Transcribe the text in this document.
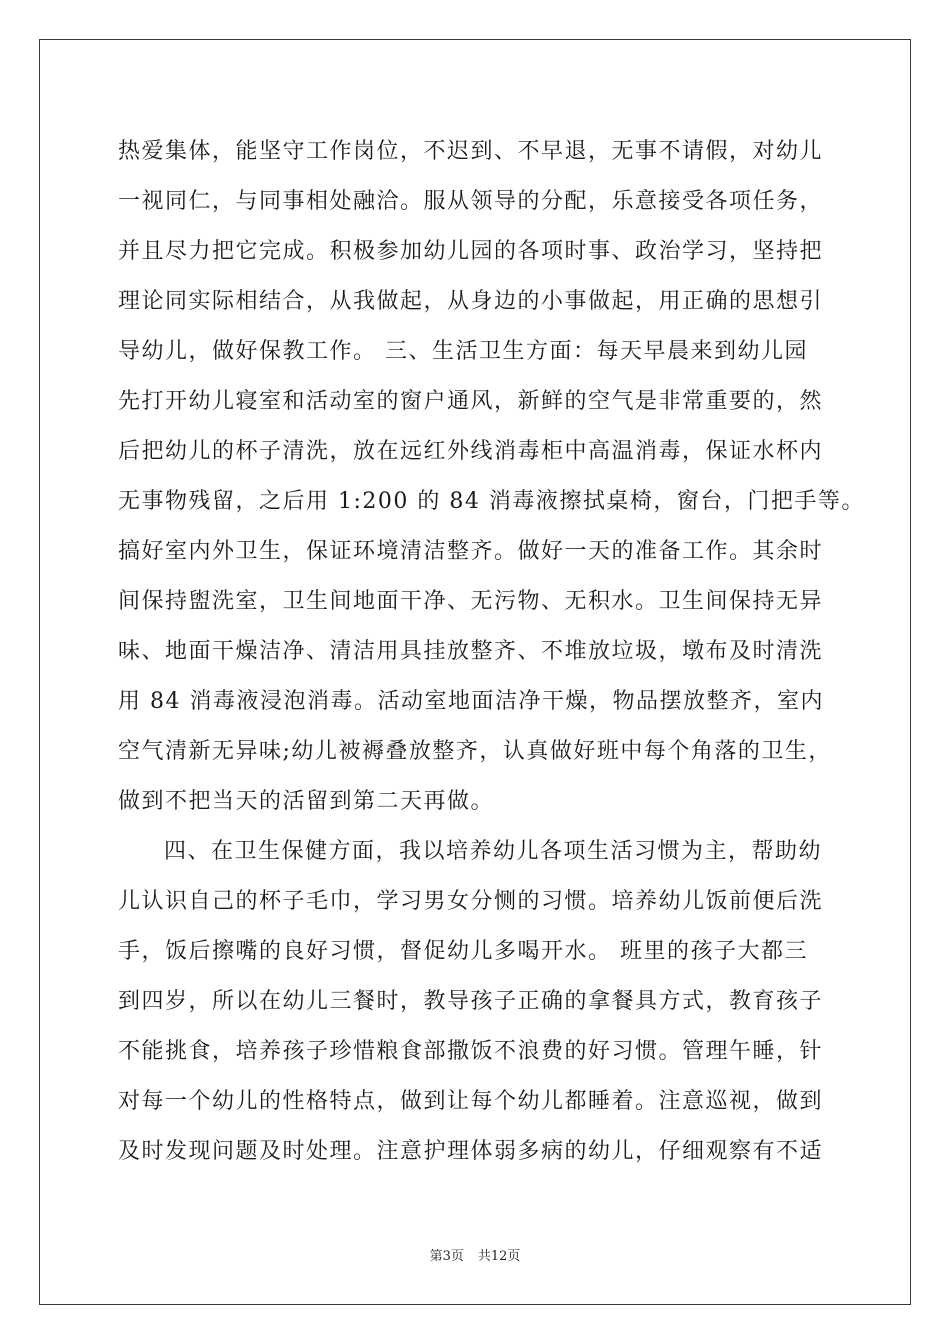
热爱集体，能坚守工作岗位，不迟到、不早退，无事不请假，对幼儿
一视同仁，与同事相处融洽。服从领导的分配，乐意接受各项任务，
并且尽力把它完成。积极参加幼儿园的各项时事、政治学习，坚持把
理论同实际相结合，从我做起，从身边的小事做起，用正确的思想引
导幼儿，做好保教工作。 三、生活卫生方面：每天早晨来到幼儿园
先打开幼儿寝室和活动室的窗户通风，新鲜的空气是非常重要的，然
后把幼儿的杯子清洗，放在远红外线消毒柜中高温消毒，保证水杯内
无事物残留，之后用 1:200 的 84 消毒液擦拭桌椅，窗台，门把手等。
搞好室内外卫生，保证环境清洁整齐。做好一天的准备工作。其余时
间保持盥洗室，卫生间地面干净、无污物、无积水。卫生间保持无异
味、地面干燥洁净、清洁用具挂放整齐、不堆放垃圾，墩布及时清洗
用 84 消毒液浸泡消毒。活动室地面洁净干燥，物品摆放整齐，室内
空气清新无异味;幼儿被褥叠放整齐，认真做好班中每个角落的卫生，
做到不把当天的活留到第二天再做。
四、在卫生保健方面，我以培养幼儿各项生活习惯为主，帮助幼
儿认识自己的杯子毛巾，学习男女分恻的习惯。培养幼儿饭前便后洗
手，饭后擦嘴的良好习惯，督促幼儿多喝开水。 班里的孩子大都三
到四岁，所以在幼儿三餐时，教导孩子正确的拿餐具方式，教育孩子
不能挑食，培养孩子珍惜粮食部撒饭不浪费的好习惯。管理午睡，针
对每一个幼儿的性格特点，做到让每个幼儿都睡着。注意巡视，做到
及时发现问题及时处理。注意护理体弱多病的幼儿，仔细观察有不适
第3页 共12页
